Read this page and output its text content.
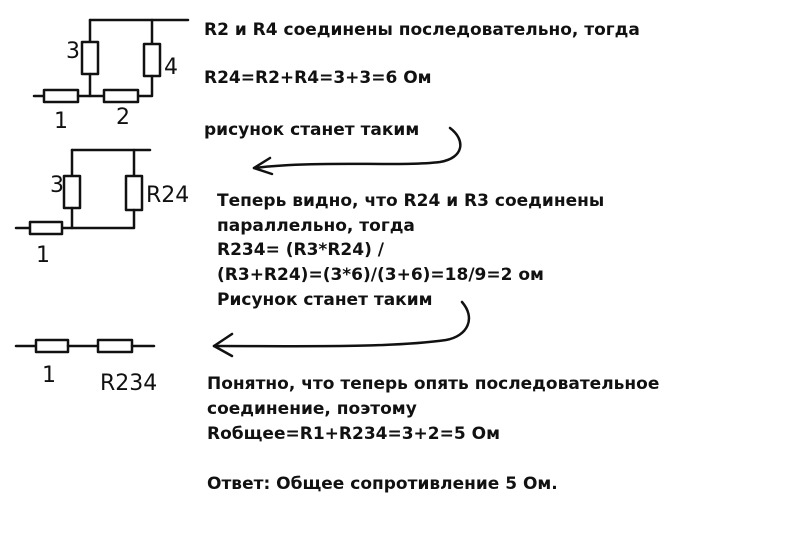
3
4
1 2
3	R24
1
1 R234
R2 и R4 соединены последовательно, тогда
R24=R2+R4=3+3=6 Ом
рисунок станет таким
Теперь видно, что R24 и R3 соединены
параллельно, тогда
R234= (R3*R24) /
(R3+R24)=(3*6)/(3+6)=18/9=2 ом
Рисунок станет таким
Понятно, что теперь опять последовательное
соединение, поэтому
Rобщее=R1+R234=3+2=5 Ом
Ответ: Общее сопротивление 5 Ом.
